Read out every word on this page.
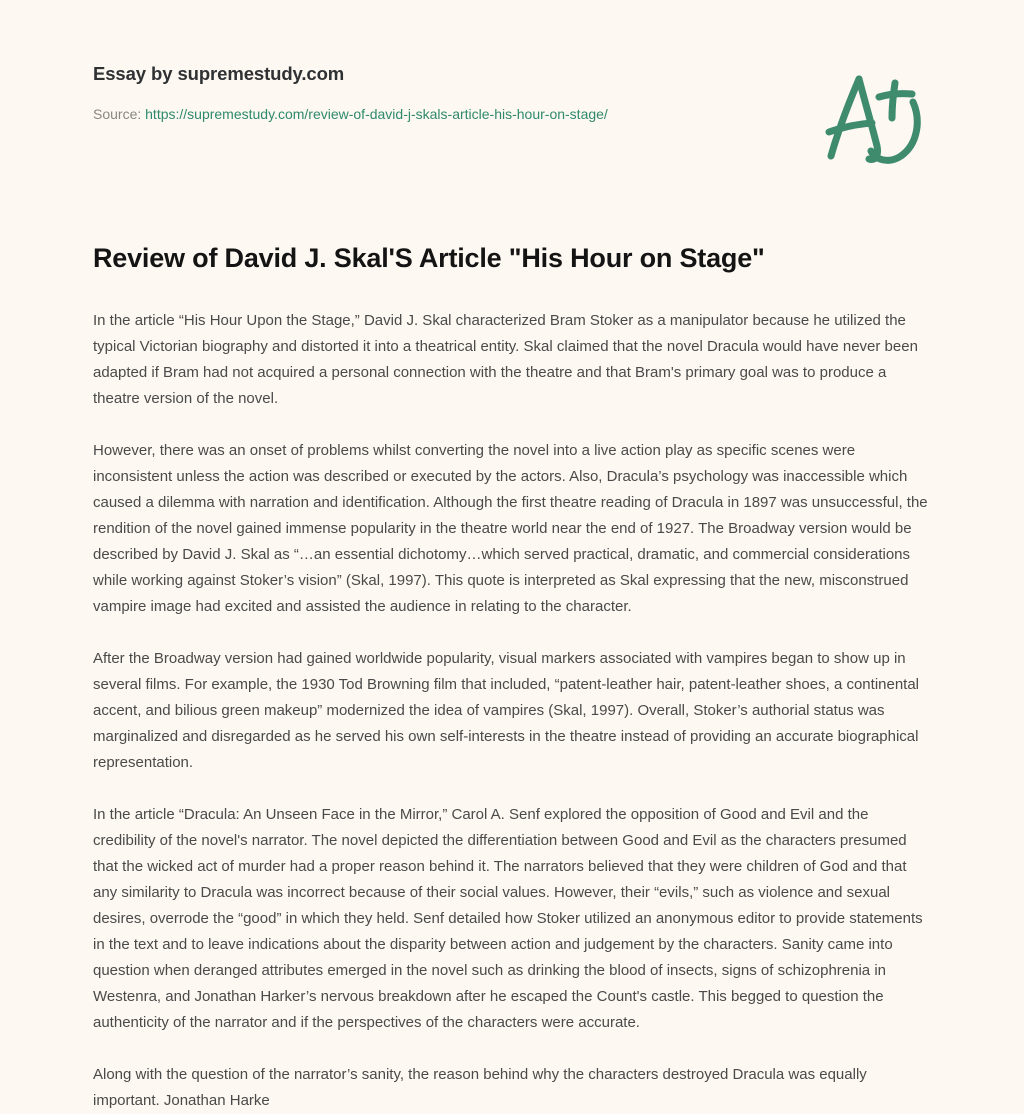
Essay by supremestudy.com
Source: https://supremestudy.com/review-of-david-j-skals-article-his-hour-on-stage/
Review of David J. Skal'S Article "His Hour on Stage"

In the article “His Hour Upon the Stage,” David J. Skal characterized Bram Stoker as a manipulator because he utilized the typical Victorian biography and distorted it into a theatrical entity. Skal claimed that the novel Dracula would have never been adapted if Bram had not acquired a personal connection with the theatre and that Bram's primary goal was to produce a theatre version of the novel.

However, there was an onset of problems whilst converting the novel into a live action play as specific scenes were inconsistent unless the action was described or executed by the actors. Also, Dracula’s psychology was inaccessible which caused a dilemma with narration and identification. Although the first theatre reading of Dracula in 1897 was unsuccessful, the rendition of the novel gained immense popularity in the theatre world near the end of 1927. The Broadway version would be described by David J. Skal as “…an essential dichotomy…which served practical, dramatic, and commercial considerations while working against Stoker’s vision” (Skal, 1997). This quote is interpreted as Skal expressing that the new, misconstrued vampire image had excited and assisted the audience in relating to the character.

After the Broadway version had gained worldwide popularity, visual markers associated with vampires began to show up in several films. For example, the 1930 Tod Browning film that included, “patent-leather hair, patent-leather shoes, a continental accent, and bilious green makeup” modernized the idea of vampires (Skal, 1997). Overall, Stoker’s authorial status was marginalized and disregarded as he served his own self-interests in the theatre instead of providing an accurate biographical representation.

In the article “Dracula: An Unseen Face in the Mirror,” Carol A. Senf explored the opposition of Good and Evil and the credibility of the novel's narrator. The novel depicted the differentiation between Good and Evil as the characters presumed that the wicked act of murder had a proper reason behind it. The narrators believed that they were children of God and that any similarity to Dracula was incorrect because of their social values. However, their “evils,” such as violence and sexual desires, overrode the “good” in which they held. Senf detailed how Stoker utilized an anonymous editor to provide statements in the text and to leave indications about the disparity between action and judgement by the characters. Sanity came into question when deranged attributes emerged in the novel such as drinking the blood of insects, signs of schizophrenia in Westenra, and Jonathan Harker’s nervous breakdown after he escaped the Count's castle. This begged to question the authenticity of the narrator and if the perspectives of the characters were accurate.

Along with the question of the narrator’s sanity, the reason behind why the characters destroyed Dracula was equally important. Jonathan Harke
